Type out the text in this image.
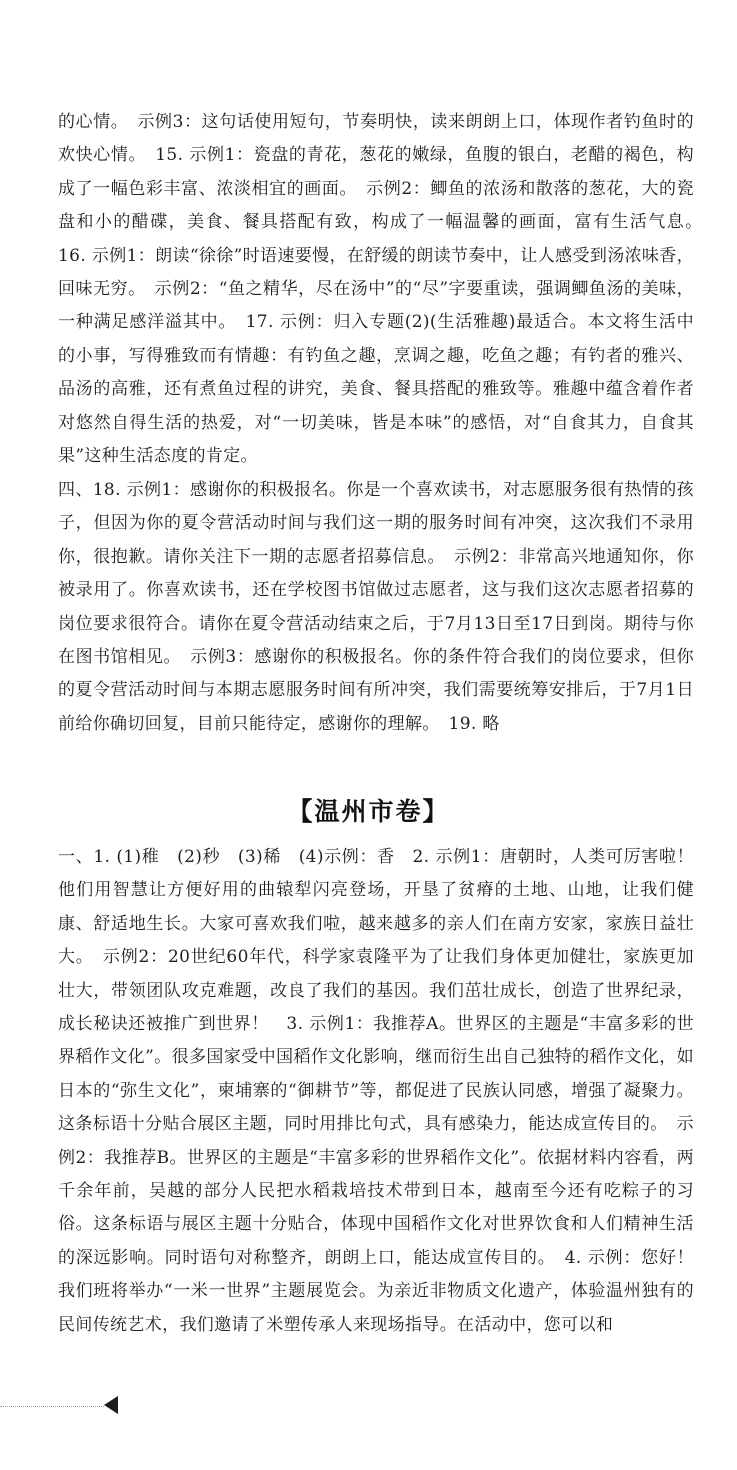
的心情。　示例3：这句话使用短句，节奏明快，读来朗朗上口，体现作者钓鱼时的欢快心情。　15. 示例1：瓷盘的青花，葱花的嫩绿，鱼腹的银白，老醋的褐色，构成了一幅色彩丰富、浓淡相宜的画面。　示例2：鲫鱼的浓汤和散落的葱花，大的瓷盘和小的醋碟，美食、餐具搭配有致，构成了一幅温馨的画面，富有生活气息。　16. 示例1：朗读“徐徐”时语速要慢，在舒缓的朗读节奏中，让人感受到汤浓味香，回味无穷。　示例2：“鱼之精华，尽在汤中”的“尽”字要重读，强调鲫鱼汤的美味，一种满足感洋溢其中。　17. 示例：归入专题(2)(生活雅趣)最适合。本文将生活中的小事，写得雅致而有情趣：有钓鱼之趣，烹调之趣，吃鱼之趣；有钓者的雅兴、品汤的高雅，还有煮鱼过程的讲究，美食、餐具搭配的雅致等。雅趣中蕴含着作者对悠然自得生活的热爱，对“一切美味，皆是本味”的感悟，对“自食其力，自食其果”这种生活态度的肯定。

四、18. 示例1：感谢你的积极报名。你是一个喜欢读书，对志愿服务很有热情的孩子，但因为你的夏令营活动时间与我们这一期的服务时间有冲突，这次我们不录用你，很抱歉。请你关注下一期的志愿者招募信息。　示例2：非常高兴地通知你，你被录用了。你喜欢读书，还在学校图书馆做过志愿者，这与我们这次志愿者招募的岗位要求很符合。请你在夏令营活动结束之后，于7月13日至17日到岗。期待与你在图书馆相见。　示例3：感谢你的积极报名。你的条件符合我们的岗位要求，但你的夏令营活动时间与本期志愿服务时间有所冲突，我们需要统筹安排后，于7月1日前给你确切回复，目前只能待定，感谢你的理解。　19. 略

【温州市卷】

一、1. (1)稚　(2)秒　(3)稀　(4)示例：香　2. 示例1：唐朝时，人类可厉害啦！他们用智慧让方便好用的曲辕犁闪亮登场，开垦了贫瘠的土地、山地，让我们健康、舒适地生长。大家可喜欢我们啦，越来越多的亲人们在南方安家，家族日益壮大。　示例2：20世纪60年代，科学家袁隆平为了让我们身体更加健壮，家族更加壮大，带领团队攻克难题，改良了我们的基因。我们茁壮成长，创造了世界纪录，成长秘诀还被推广到世界！　3. 示例1：我推荐A。世界区的主题是“丰富多彩的世界稻作文化”。很多国家受中国稻作文化影响，继而衍生出自己独特的稻作文化，如日本的“弥生文化”，柬埔寨的“御耕节”等，都促进了民族认同感，增强了凝聚力。这条标语十分贴合展区主题，同时用排比句式，具有感染力，能达成宣传目的。　示例2：我推荐B。世界区的主题是“丰富多彩的世界稻作文化”。依据材料内容看，两千余年前，吴越的部分人民把水稻栽培技术带到日本，越南至今还有吃粽子的习俗。这条标语与展区主题十分贴合，体现中国稻作文化对世界饮食和人们精神生活的深远影响。同时语句对称整齐，朗朗上口，能达成宣传目的。　4. 示例：您好！我们班将举办“一米一世界”主题展览会。为亲近非物质文化遗产，体验温州独有的民间传统艺术，我们邀请了米塑传承人来现场指导。在活动中，您可以和
